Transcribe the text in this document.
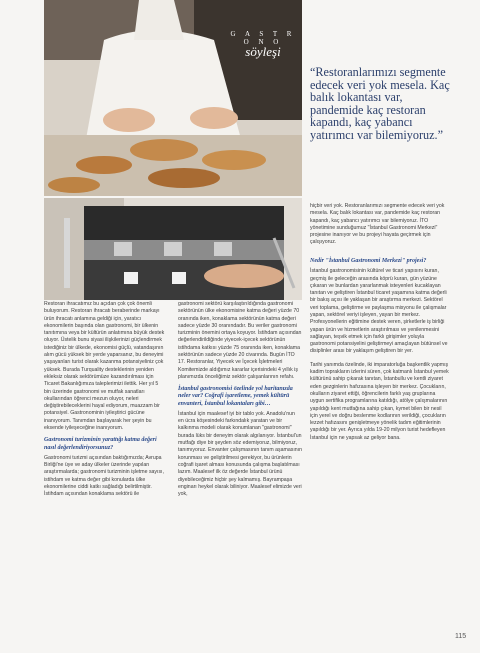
G A S T R O N O
söyleşi
“Restoranlarımızı segmente edecek veri yok mesela. Kaç balık lokantası var, pandemide kaç restoran kapandı, kaç yabancı yatırımcı var bilemiyoruz.”

hiçbir veri yok. Restoranlarımızı segmente edecek veri yok mesela. Kaç balık lokantası var, pandemide kaç restoran kapandı, kaç yabancı yatırımcı var bilemiyoruz. İTO yönetimine sunduğumuz "İstanbul Gastronomi Merkezi" projesine inanıyor ve bu projeyi hayata geçirmek için çalışıyoruz.

Nedir "İstanbul Gastronomi Merkezi" projesi?

İstanbul gastronomisinin kültürel ve ticari yapısını kuran, geçmiş ile geleceğin arasında köprü kuran, gün yüzüne çıkaran ve bunlardan yararlanmak isteyenleri kucaklayan tanıtan ve geliştiren İstanbul ticaret yaşamına katma değerli bir bakış açısı ile yaklaşan bir araştırma merkezi. Sektörel veri toplama, geliştirme ve paylaşma misyonu ile çalışmalar yapan, sektörel veriyi işleyen, yayan bir merkez. Profesyonellerin eğitimine destek veren, şirketlerle iş birliği yapan ürün ve hizmetlerin araştırılması ve yenilenmesini sağlayan, teşvik etmek için farklı girişimler yoluyla gastronomi potansiyelini geliştirmeyi amaçlayan bütünsel ve disiplinler arası bir yaklaşım geliştiren bir yer.

Tarihi yanımda özelinde, iki imparatorluğa başkentlik yapmış kadim toprakların izlerini süren, çok katmanlı İstanbul yemek kültürünü sahip çıkarak tanıtan, İstanbullu ve kentli ziyaret eden gezginlerin hafızasına işleyen bir merkez. Çocukların, okulların ziyaret ettiği, öğrencilerin farklı yaş gruplarına uygun sertifika programlarına katıldığı, atölye çalışmalarının yapıldığı kent mutfağına sahip çıkan, kymet bilen bir nesil için yerel ve doğru beslenme kodlarının verildiği, çocukların lezzet hafızasını genişletmeye yönelik tadım eğitimlerinin yapıldığı bir yer. Ayrıca yılda 19-20 milyon turist hedefleyen İstanbul için ne yapsak az geliyor bana.

Restoran ihracatımız bu açıdan çok çok önemli buluyorum. Restoran ihracatı beraberinde markayı ürün ihracatı anlamına geldiği için, yaratıcı ekonomilerin başında olan gastronomi, bir ülkenin tanıtımına veya bir kültürün anlatımına büyük destek oluyor. Üstelik bunu siyasi ilişkilerinizi güçlendirmek istediğiniz bir ülkede, ekonomisi güçlü, vatandaşının alım gücü yüksek bir yerde yaparsanız, bu deneyimi yaşayanları turist olarak kazanma potansiyeliniz çok yüksek. Burada Turquality desteklerinin yeniden ekleksiz olarak sektörümüze kazandırılması için Ticaret Bakanlığımıza taleplerimizi ilettik. Her yıl 5 bin üzerinde gastronomi ve mutfak sanatları okullarından öğrenci mezun oluyor, neleri değiştirebileceklerini hayal ediyorum, muazzam bir potansiyel. Gastronominin iyileştirici gücüne inanıyorum. Tanımdan başlayarak her şeyin bu eksende iyileşeceğine inanıyorum.

Gastronomi turizminin yarattığı katma değeri nasıl değerlendiriyorsunuz?

Gastronomi turizmi açısından baktığımızda; Avrupa Birliği'ne üye ve aday ülkeler üzerinde yapılan araştırmalarda; gastronomi turizminin işletme sayısı, istihdam ve katma değer gibi konularda ülke ekonomilerine ciddi katkı sağladığı belirtilmiştir. İstihdam açısından konaklama sektörü ile

gastronomi sektörü karşılaştırıldığında gastronomi sektörünün ülke ekonomisine katma değeri yüzde 70 oranında iken, konaklama sektörünün katma değeri sadece yüzde 30 oranındadır. Bu veriler gastronomi turizminin önemini ortaya koyuyor. İstihdam açısından değerlendirildiğinde yiyecek-içecek sektörünün istihdama katkısı yüzde 75 oranında iken, konaklama sektörünün sadece yüzde 20 civarında. Bugün İTO 17. Restoranlar, Yiyecek ve İçecek İşletmeleri Komitemizde aldığımız kararlar içerisindeki 4 yıllık iş planımızda önceliğimiz sektör çalışanlarının refahı.

İstanbul gastronomisi özelinde yol haritanızda neler var? Coğrafi işaretleme, yemek kültürü envanteri, İstanbul lokantaları gibi…

İstanbul için maalesef iyi bir tablo yok. Anadolu'nun en ücra köşesindeki farkındalık yaratan ve bir kalkınma modeli olarak konumlanan "gastronomi" burada lüks bir deneyim olarak algılanıyor. İstanbul'un mutfağı diye bir şeyden söz edemiyoruz, bilmiyoruz, tanımıyoruz. Envanter çalışmasının tanım aşamasının korunması ve geliştirilmesi gerekiyor, bu ürünlerin coğrafi işaret alması konusunda çalışma başlatılması lazım. Maalesef ilk öz değerde İstanbul ürünü diyebileceğimiz hiçbir şey kalmamış. Bayrampaşa enginarı heykel olarak biliniyor. Maalesef elimizde veri yok,

115
